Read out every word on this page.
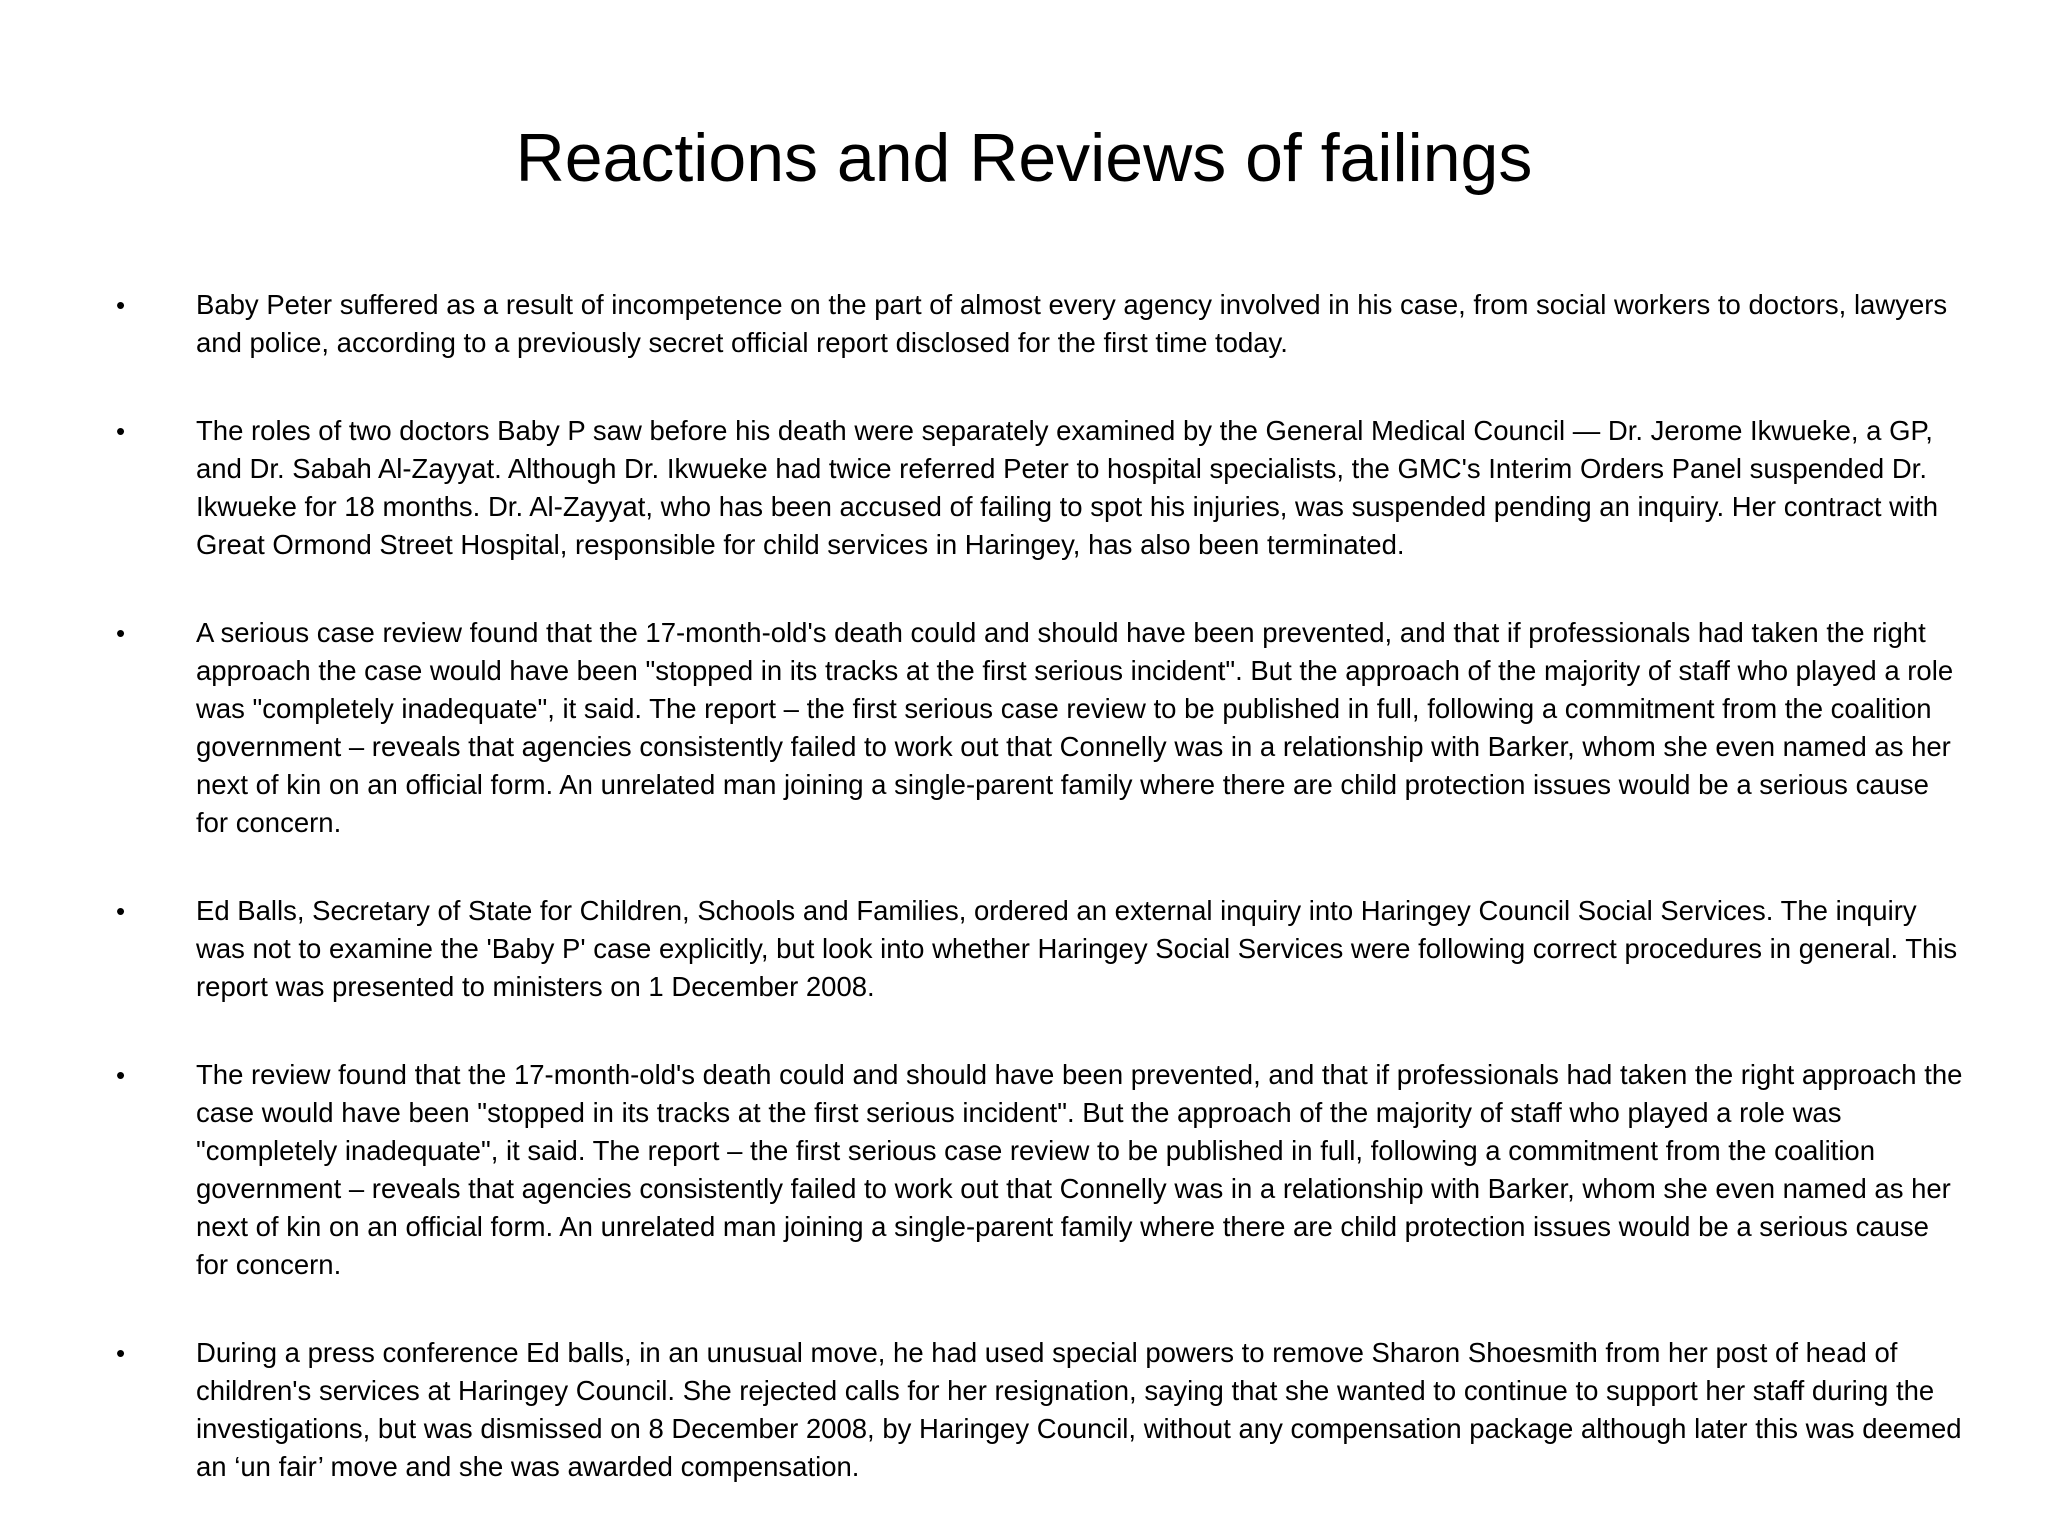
Reactions and Reviews of failings
•	Baby Peter suffered as a result of incompetence on the part of almost every agency involved in his case, from social workers to doctors, lawyers and police, according to a previously secret official report disclosed for the first time today.
•	The roles of two doctors Baby P saw before his death were separately examined by the General Medical Council — Dr. Jerome Ikwueke, a GP, and Dr. Sabah Al-Zayyat. Although Dr. Ikwueke had twice referred Peter to hospital specialists, the GMC's Interim Orders Panel suspended Dr. Ikwueke for 18 months. Dr. Al-Zayyat, who has been accused of failing to spot his injuries, was suspended pending an inquiry. Her contract with Great Ormond Street Hospital, responsible for child services in Haringey, has also been terminated.
•	A serious case review found that the 17-month-old's death could and should have been prevented, and that if professionals had taken the right approach the case would have been "stopped in its tracks at the first serious incident". But the approach of the majority of staff who played a role was "completely inadequate", it said. The report – the first serious case review to be published in full, following a commitment from the coalition government – reveals that agencies consistently failed to work out that Connelly was in a relationship with Barker, whom she even named as her next of kin on an official form. An unrelated man joining a single-parent family where there are child protection issues would be a serious cause for concern.
•	Ed Balls, Secretary of State for Children, Schools and Families, ordered an external inquiry into Haringey Council Social Services. The inquiry was not to examine the 'Baby P' case explicitly, but look into whether Haringey Social Services were following correct procedures in general. This report was presented to ministers on 1 December 2008.
•	The review found that the 17-month-old's death could and should have been prevented, and that if professionals had taken the right approach the case would have been "stopped in its tracks at the first serious incident". But the approach of the majority of staff who played a role was "completely inadequate", it said. The report – the first serious case review to be published in full, following a commitment from the coalition government – reveals that agencies consistently failed to work out that Connelly was in a relationship with Barker, whom she even named as her next of kin on an official form. An unrelated man joining a single-parent family where there are child protection issues would be a serious cause for concern.
•	During a press conference Ed balls, in an unusual move, he had used special powers to remove Sharon Shoesmith from her post of head of children's services at Haringey Council. She rejected calls for her resignation, saying that she wanted to continue to support her staff during the investigations, but was dismissed on 8 December 2008, by Haringey Council, without any compensation package although later this was deemed an ‘un fair’ move and she was awarded compensation.
